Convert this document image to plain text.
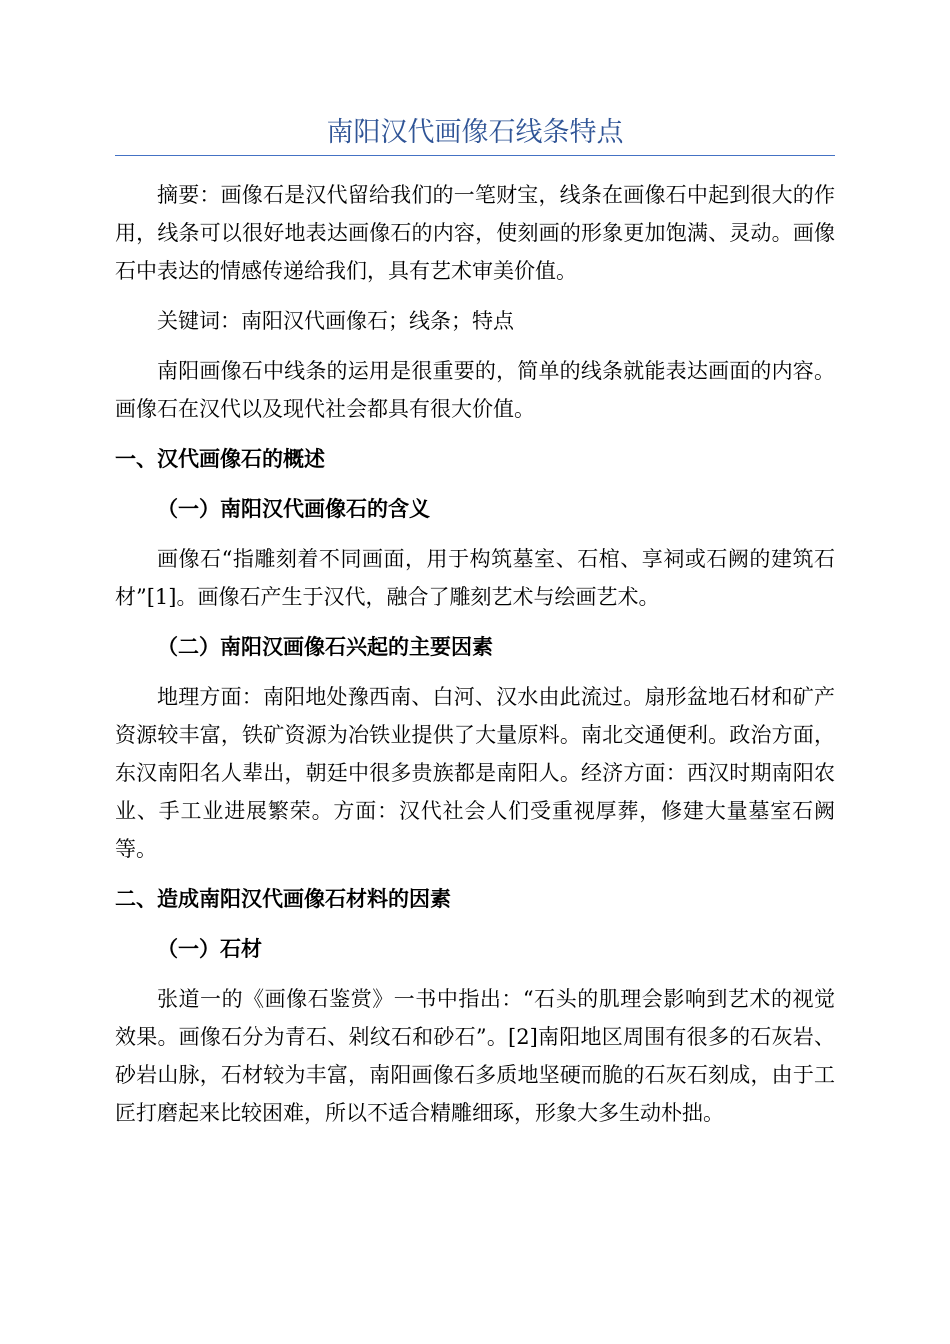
南阳汉代画像石线条特点

摘要：画像石是汉代留给我们的一笔财宝，线条在画像石中起到很大的作用，线条可以很好地表达画像石的内容，使刻画的形象更加饱满、灵动。画像石中表达的情感传递给我们，具有艺术审美价值。

关键词：南阳汉代画像石；线条；特点

南阳画像石中线条的运用是很重要的，简单的线条就能表达画面的内容。画像石在汉代以及现代社会都具有很大价值。

一、汉代画像石的概述
（一）南阳汉代画像石的含义

画像石“指雕刻着不同画面，用于构筑墓室、石棺、享祠或石阙的建筑石材”[1]。画像石产生于汉代，融合了雕刻艺术与绘画艺术。

（二）南阳汉画像石兴起的主要因素

地理方面：南阳地处豫西南、白河、汉水由此流过。扇形盆地石材和矿产资源较丰富，铁矿资源为冶铁业提供了大量原料。南北交通便利。政治方面，东汉南阳名人辈出，朝廷中很多贵族都是南阳人。经济方面：西汉时期南阳农业、手工业进展繁荣。方面：汉代社会人们受重视厚葬，修建大量墓室石阙等。

二、造成南阳汉代画像石材料的因素
（一）石材

张道一的《画像石鉴赏》一书中指出：“石头的肌理会影响到艺术的视觉效果。画像石分为青石、剁纹石和砂石”。[2]南阳地区周围有很多的石灰岩、砂岩山脉，石材较为丰富，南阳画像石多质地坚硬而脆的石灰石刻成，由于工匠打磨起来比较困难，所以不适合精雕细琢，形象大多生动朴拙。
